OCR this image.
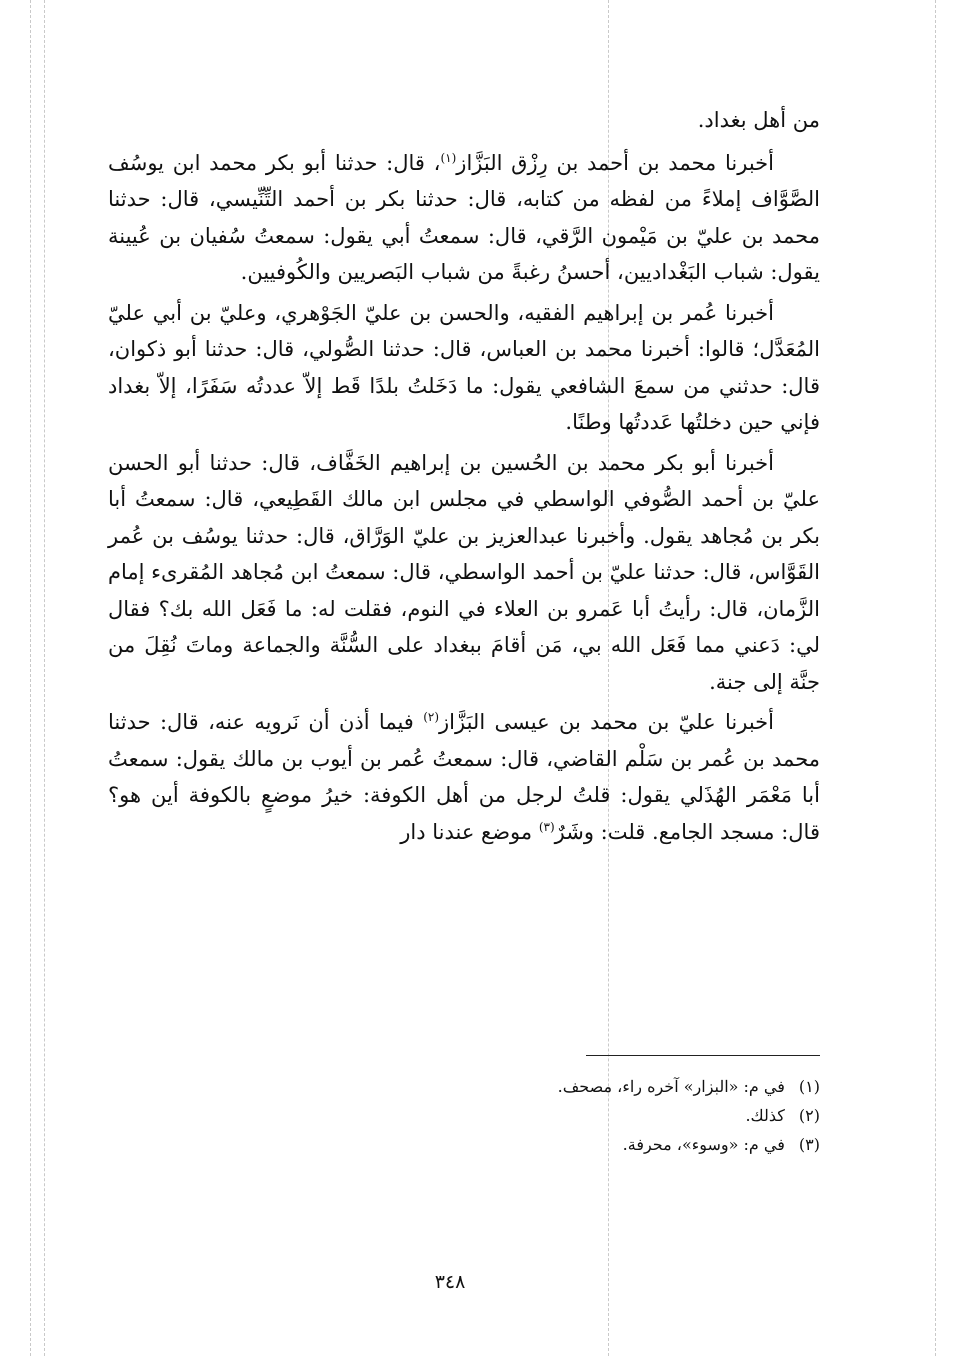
من أهل بغداد.

أخبرنا محمد بن أحمد بن رِزْق البَزَّاز$^{(١)}$، قال: حدثنا أبو بكر محمد ابن يوسُف الصَّوَّاف إملاءً من لفظه من كتابه، قال: حدثنا بكر بن أحمد التِّنِّيسي، قال: حدثنا محمد بن عليّ بن مَيْمون الرَّقي، قال: سمعتُ أبي يقول: سمعتُ سُفيان بن عُيينة يقول: شباب البَغْداديين، أحسنُ رغبةً من شباب البَصريين والكُوفيين.

أخبرنا عُمر بن إبراهيم الفقيه، والحسن بن عليّ الجَوْهري، وعليّ بن أبي عليّ المُعَدَّل؛ قالوا: أخبرنا محمد بن العباس، قال: حدثنا الصُّولي، قال: حدثنا أبو ذكوان، قال: حدثني من سمعَ الشافعي يقول: ما دَخَلتُ بلدًا قَط إلاّ عددتُه سَفَرًا، إلاّ بغداد فإني حين دخلتُها عَددتُها وطنًا.

أخبرنا أبو بكر محمد بن الحُسين بن إبراهيم الخَفَّاف، قال: حدثنا أبو الحسن عليّ بن أحمد الصُّوفي الواسطي في مجلس ابن مالك القَطِيعي، قال: سمعتُ أبا بكر بن مُجاهد يقول. وأخبرنا عبدالعزيز بن عليّ الوَرَّاق، قال: حدثنا يوسُف بن عُمر القَوَّاس، قال: حدثنا عليّ بن أحمد الواسطي، قال: سمعتُ ابن مُجاهد المُقرىء إمام الزَّمان، قال: رأيتُ أبا عَمرو بن العلاء في النوم، فقلت له: ما فَعَل الله بك؟ فقال لي: دَعني مما فَعَل الله بي، مَن أقامَ ببغداد على السُّنَّة والجماعة وماتَ نُقِلَ من جنَّة إلى جنة.

أخبرنا عليّ بن محمد بن عيسى البَزَّاز$^{(٢)}$ فيما أذن أن نَرويه عنه، قال: حدثنا محمد بن عُمر بن سَلْم القاضي، قال: سمعتُ عُمر بن أيوب بن مالك يقول: سمعتُ أبا مَعْمَر الهُذَلي يقول: قلتُ لرجل من أهل الكوفة: خيرُ موضعٍ بالكوفة أين هو؟ قال: مسجد الجامع. قلت: وشَرٌ$^{(٣)}$ موضع عندنا دار

(١)في م: «البزار» آخره راء، مصحف.
(٢)كذلك.
(٣)في م: «وسوء»، محرفة.
٣٤٨
